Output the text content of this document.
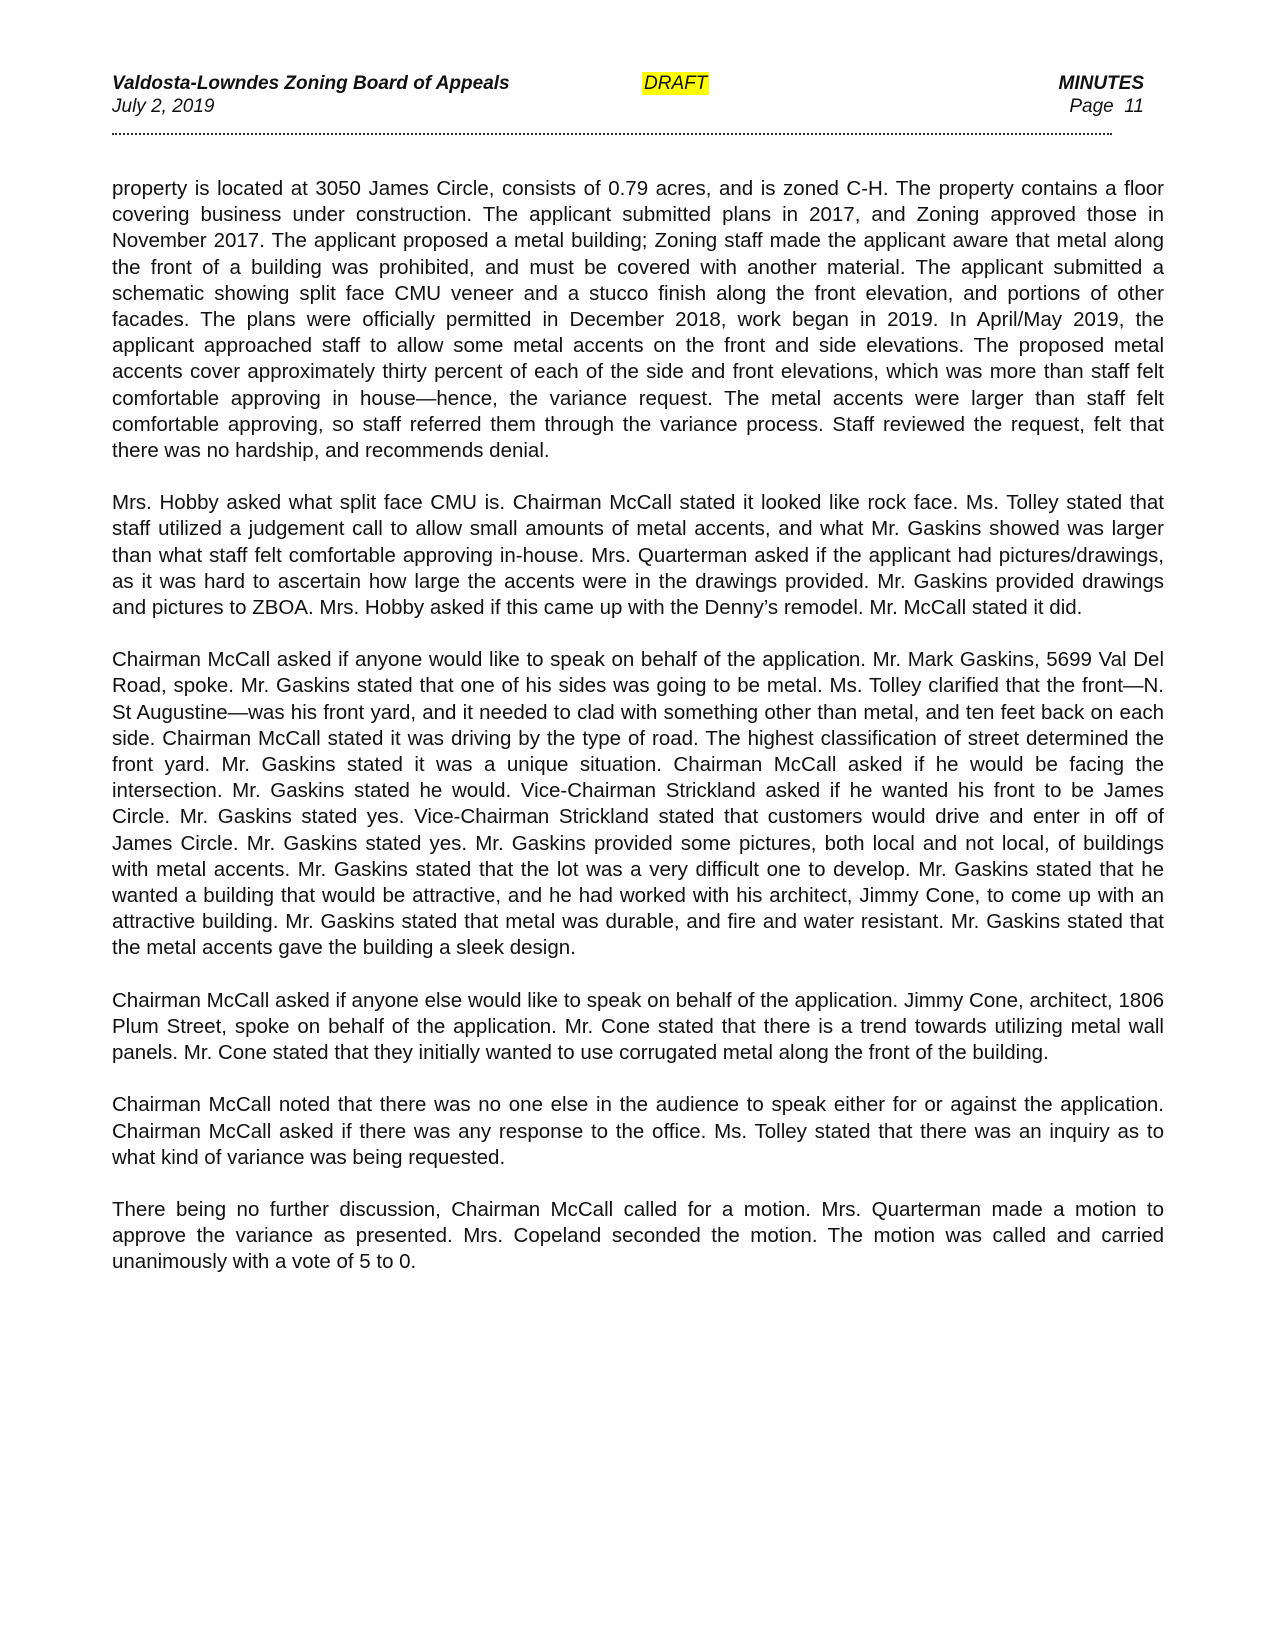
Valdosta-Lowndes Zoning Board of Appeals	DRAFT	MINUTES
July 2, 2019	Page  11

property is located at 3050 James Circle, consists of 0.79 acres, and is zoned C-H. The property contains a floor covering business under construction. The applicant submitted plans in 2017, and Zoning approved those in November 2017. The applicant proposed a metal building; Zoning staff made the applicant aware that metal along the front of a building was prohibited, and must be covered with another material. The applicant submitted a schematic showing split face CMU veneer and a stucco finish along the front elevation, and portions of other facades. The plans were officially permitted in December 2018, work began in 2019. In April/May 2019, the applicant approached staff to allow some metal accents on the front and side elevations. The proposed metal accents cover approximately thirty percent of each of the side and front elevations, which was more than staff felt comfortable approving in house—hence, the variance request. The metal accents were larger than staff felt comfortable approving, so staff referred them through the variance process. Staff reviewed the request, felt that there was no hardship, and recommends denial.

Mrs. Hobby asked what split face CMU is. Chairman McCall stated it looked like rock face. Ms. Tolley stated that staff utilized a judgement call to allow small amounts of metal accents, and what Mr. Gaskins showed was larger than what staff felt comfortable approving in-house. Mrs. Quarterman asked if the applicant had pictures/drawings, as it was hard to ascertain how large the accents were in the drawings provided. Mr. Gaskins provided drawings and pictures to ZBOA. Mrs. Hobby asked if this came up with the Denny’s remodel. Mr. McCall stated it did.

Chairman McCall asked if anyone would like to speak on behalf of the application. Mr. Mark Gaskins, 5699 Val Del Road, spoke. Mr. Gaskins stated that one of his sides was going to be metal. Ms. Tolley clarified that the front—N. St Augustine—was his front yard, and it needed to clad with something other than metal, and ten feet back on each side. Chairman McCall stated it was driving by the type of road. The highest classification of street determined the front yard. Mr. Gaskins stated it was a unique situation. Chairman McCall asked if he would be facing the intersection. Mr. Gaskins stated he would. Vice-Chairman Strickland asked if he wanted his front to be James Circle. Mr. Gaskins stated yes. Vice-Chairman Strickland stated that customers would drive and enter in off of James Circle. Mr. Gaskins stated yes. Mr. Gaskins provided some pictures, both local and not local, of buildings with metal accents. Mr. Gaskins stated that the lot was a very difficult one to develop. Mr. Gaskins stated that he wanted a building that would be attractive, and he had worked with his architect, Jimmy Cone, to come up with an attractive building. Mr. Gaskins stated that metal was durable, and fire and water resistant. Mr. Gaskins stated that the metal accents gave the building a sleek design.

Chairman McCall asked if anyone else would like to speak on behalf of the application. Jimmy Cone, architect, 1806 Plum Street, spoke on behalf of the application. Mr. Cone stated that there is a trend towards utilizing metal wall panels. Mr. Cone stated that they initially wanted to use corrugated metal along the front of the building.

Chairman McCall noted that there was no one else in the audience to speak either for or against the application. Chairman McCall asked if there was any response to the office. Ms. Tolley stated that there was an inquiry as to what kind of variance was being requested.

There being no further discussion, Chairman McCall called for a motion. Mrs. Quarterman made a motion to approve the variance as presented. Mrs. Copeland seconded the motion. The motion was called and carried unanimously with a vote of 5 to 0.
